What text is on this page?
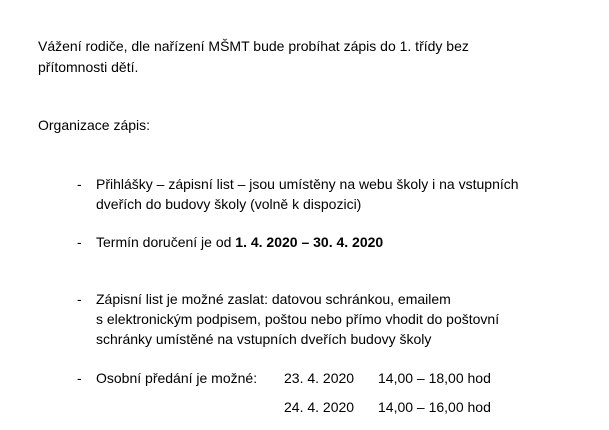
Vážení rodiče, dle nařízení MŠMT bude probíhat zápis do 1. třídy bez
přítomnosti dětí.
Organizace zápis:
- Přihlášky – zápisní list – jsou umístěny na webu školy i na vstupních
dveřích do budovy školy (volně k dispozici)
- Termín doručení je od 1. 4. 2020 – 30. 4. 2020
- Zápisní list je možné zaslat: datovou schránkou, emailem
s elektronickým podpisem, poštou nebo přímo vhodit do poštovní
schránky umístěné na vstupních dveřích budovy školy
- Osobní předání je možné: 23. 4. 2020 14,00 – 18,00 hod
24. 4. 2020 14,00 – 16,00 hod
